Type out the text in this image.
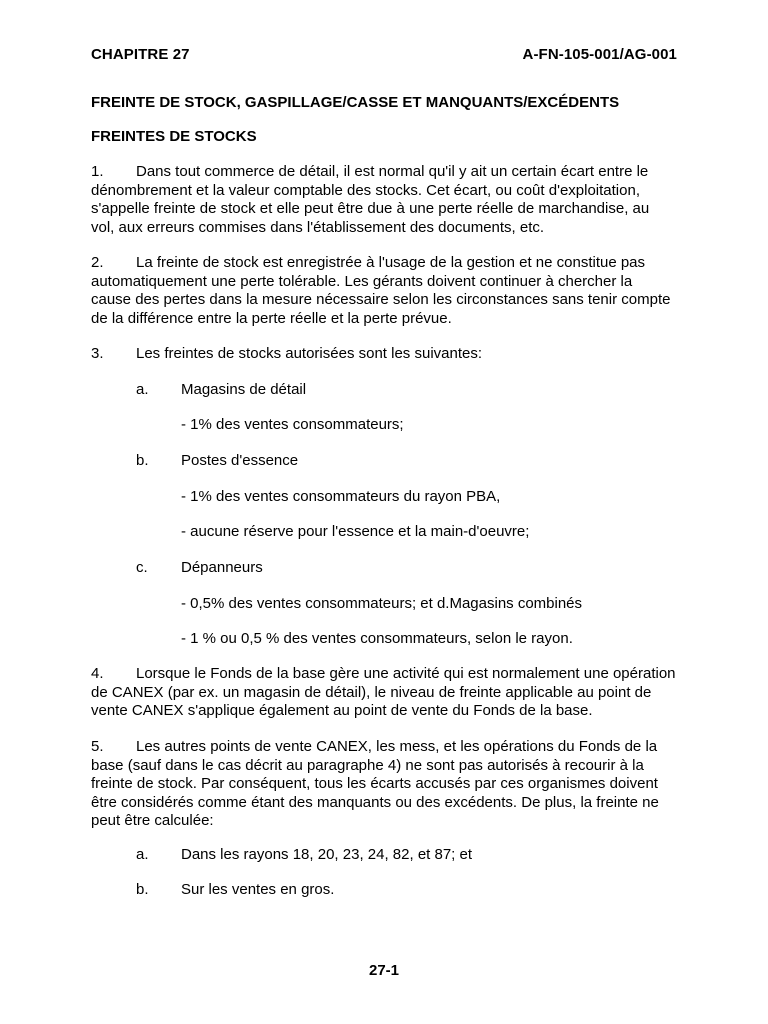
CHAPITRE 27	A-FN-105-001/AG-001
FREINTE DE STOCK, GASPILLAGE/CASSE ET MANQUANTS/EXCÉDENTS
FREINTES DE STOCKS
1. Dans tout commerce de détail, il est normal qu'il y ait un certain écart entre le
dénombrement et la valeur comptable des stocks. Cet écart, ou coût d'exploitation,
s'appelle freinte de stock et elle peut être due à une perte réelle de marchandise, au
vol, aux erreurs commises dans l'établissement des documents, etc.
2. La freinte de stock est enregistrée à l'usage de la gestion et ne constitue pas
automatiquement une perte tolérable. Les gérants doivent continuer à chercher la
cause des pertes dans la mesure nécessaire selon les circonstances sans tenir compte
de la différence entre la perte réelle et la perte prévue.
3. Les freintes de stocks autorisées sont les suivantes:
a. Magasins de détail
- 1% des ventes consommateurs;
b. Postes d'essence
- 1% des ventes consommateurs du rayon PBA,
- aucune réserve pour l'essence et la main-d'oeuvre;
c. Dépanneurs
- 0,5% des ventes consommateurs; et d.Magasins combinés
- 1 % ou 0,5 % des ventes consommateurs, selon le rayon.
4. Lorsque le Fonds de la base gère une activité qui est normalement une opération
de CANEX (par ex. un magasin de détail), le niveau de freinte applicable au point de
vente CANEX s'applique également au point de vente du Fonds de la base.
5. Les autres points de vente CANEX, les mess, et les opérations du Fonds de la
base (sauf dans le cas décrit au paragraphe 4) ne sont pas autorisés à recourir à la
freinte de stock. Par conséquent, tous les écarts accusés par ces organismes doivent
être considérés comme étant des manquants ou des excédents. De plus, la freinte ne
peut être calculée:
a. Dans les rayons 18, 20, 23, 24, 82, et 87; et
b. Sur les ventes en gros.
27-1
